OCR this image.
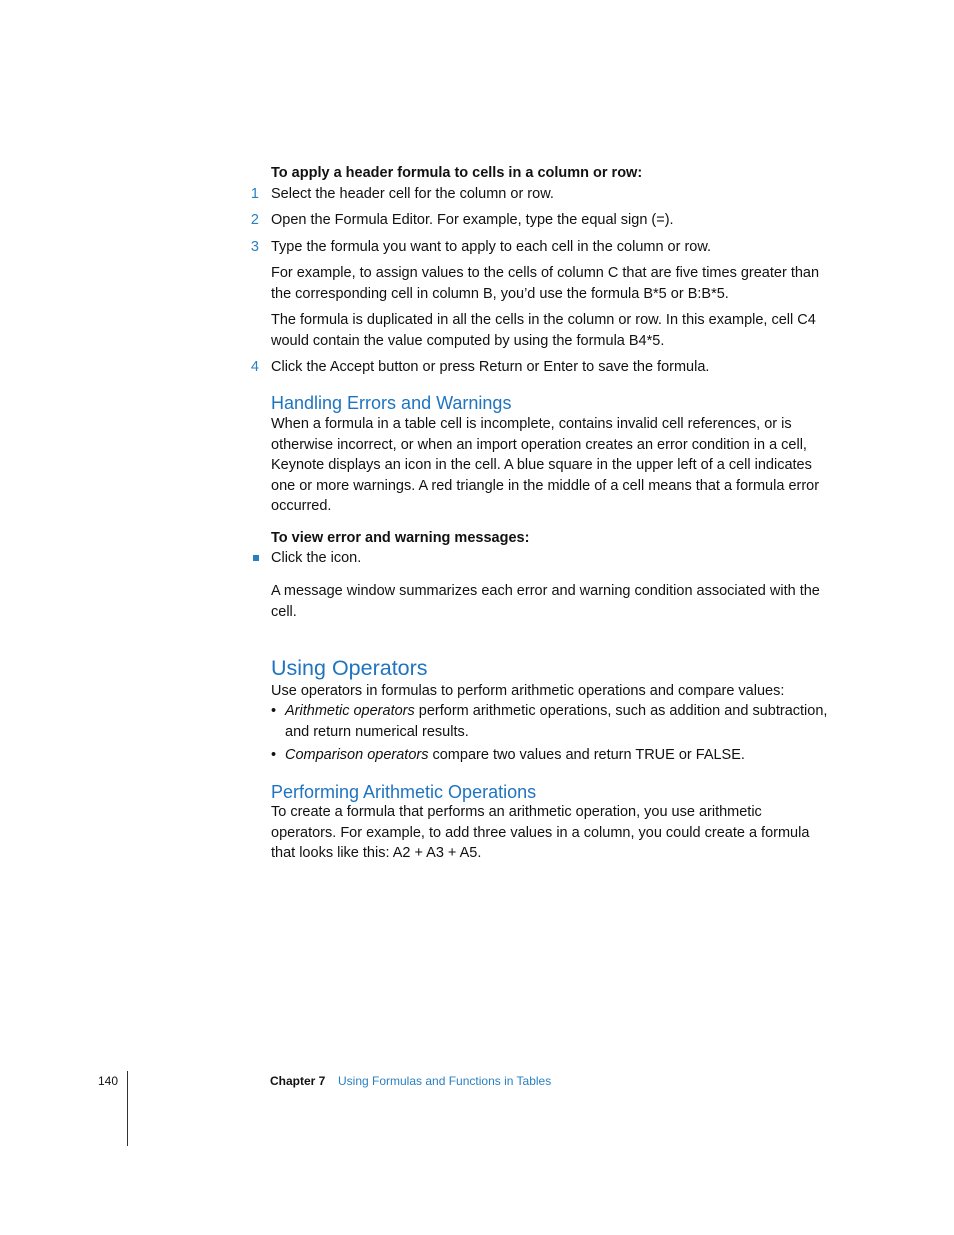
To apply a header formula to cells in a column or row:
1 Select the header cell for the column or row.
2 Open the Formula Editor. For example, type the equal sign (=).
3 Type the formula you want to apply to each cell in the column or row.
For example, to assign values to the cells of column C that are five times greater than the corresponding cell in column B, you’d use the formula B*5 or B:B*5.
The formula is duplicated in all the cells in the column or row. In this example, cell C4 would contain the value computed by using the formula B4*5.
4 Click the Accept button or press Return or Enter to save the formula.
Handling Errors and Warnings
When a formula in a table cell is incomplete, contains invalid cell references, or is otherwise incorrect, or when an import operation creates an error condition in a cell, Keynote displays an icon in the cell. A blue square in the upper left of a cell indicates one or more warnings. A red triangle in the middle of a cell means that a formula error occurred.
To view error and warning messages:
Click the icon.
A message window summarizes each error and warning condition associated with the cell.
Using Operators
Use operators in formulas to perform arithmetic operations and compare values:
• Arithmetic operators perform arithmetic operations, such as addition and subtraction, and return numerical results.
• Comparison operators compare two values and return TRUE or FALSE.
Performing Arithmetic Operations
To create a formula that performs an arithmetic operation, you use arithmetic operators. For example, to add three values in a column, you could create a formula that looks like this: A2 + A3 + A5.
140	Chapter 7 Using Formulas and Functions in Tables
